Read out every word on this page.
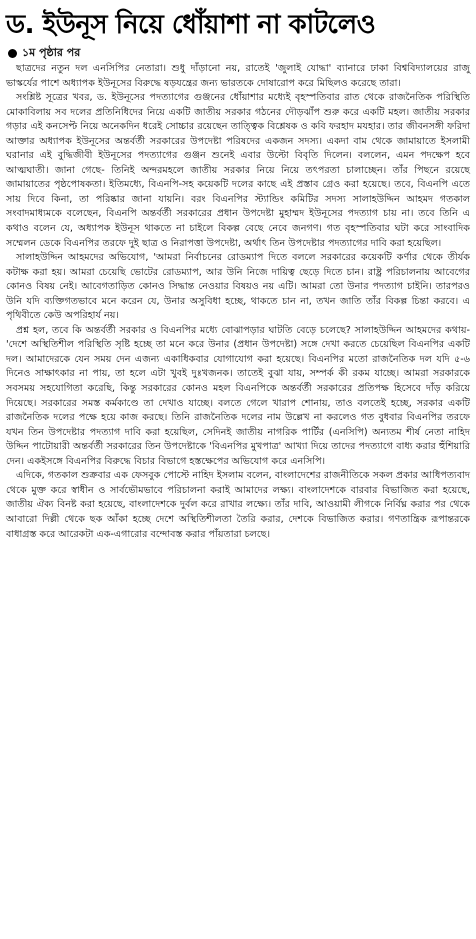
ড. ইউনূস নিয়ে ধোঁয়াশা না কাটলেও
১ম পৃষ্ঠার পর

ছাত্রদের নতুন দল এনসিপির নেতারা। শুধু দাঁড়ানো নয়, রাতেই 'জুলাই যোদ্ধা' ব্যানারে ঢাকা বিশ্ববিদ্যালয়ের রাজু ভাস্কর্যের পাশে অধ্যাপক ইউনূসের বিরুদ্ধে ষড়যন্ত্রের জন্য ভারতকে দোষারোপ করে মিছিলও করেছে তারা।

সংশ্লিষ্ট সূত্রের খবর, ড. ইউনূসের পদত্যাগের গুঞ্জনের ধোঁয়াশার মধ্যেই বৃহস্পতিবার রাত থেকে রাজনৈতিক পরিস্থিতি মোকাবিলায় সব দলের প্রতিনিধিদের নিয়ে একটি জাতীয় সরকার গঠনের দৌড়ঝাঁপ শুরু করে একটি মহল। জাতীয় সরকার গড়ার এই কনসেপ্ট নিয়ে অনেকদিন ধরেই সোচ্চার রয়েছেন তাত্ত্বিক বিশ্লেষক ও কবি ফরহাদ মযহার। তার জীবনসঙ্গী ফরিদা আক্তার অধ্যাপক ইউনূসের অন্তর্বর্তী সরকারের উপদেষ্টা পরিষদের একজন সদস্য। একদা বাম থেকে জামায়াতে ইসলামী ঘরানার এই বুদ্ধিজীবী ইউনূসের পদত্যাগের গুঞ্জন শুনেই এবার উল্টো বিবৃতি দিলেন। বললেন, এমন পদক্ষেপ হবে আত্মঘাতী। জানা গেছে- তিনিই অন্দরমহলে জাতীয় সরকার নিয়ে নিয়ে তৎপরতা চালাচ্ছেন। তাঁর পিছনে রয়েছে জামায়াতের পৃষ্ঠপোষকতা। ইতিমধ্যে, বিএনপি-সহ কয়েকটি দলের কাছে এই প্রস্তাব গ্রেও করা হয়েছে। তবে, বিএনপি এতে সায় দিবে কিনা, তা পরিষ্কার জানা যায়নি। বরং বিএনপির স্ট্যান্ডিং কমিটির সদস্য সালাহউদ্দিন আহমদ গতকাল সংবাদমাধ্যমকে বলেছেন, বিএনপি অন্তর্বর্তী সরকারের প্রধান উপদেষ্টা মুহাম্মদ ইউনূসের পদত্যাগ চায় না। তবে তিনি এ কথাও বলেন যে, অধ্যাপক ইউনূস থাকতে না চাইলে বিকল্প বেছে নেবে জনগণ। গত বৃহস্পতিবার ঘটা করে সাংবাদিক সম্মেলন ডেকে বিএনপির তরফে দুই ছাত্র ও নিরাপত্তা উপদেষ্টা, অর্থাৎ তিন উপদেষ্টার পদত্যাগের দাবি করা হয়েছিল।

সালাহউদ্দিন আহমদের অভিযোগ, 'আমরা নির্বাচনের রোডম্যাপ দিতে বললে সরকারের কয়েকটি কর্ণার থেকে তীর্যক কটাক্ষ করা হয়। আমরা চেয়েছি ভোটের রোডম্যাপ, আর উনি নিজে দায়িত্ব ছেড়ে দিতে চান। রাষ্ট্র পরিচালনায় আবেগের কোনও বিষয় নেই। আবেগতাড়িত কোনও সিদ্ধান্ত নেওয়ার বিষয়ও নয় এটি। আমরা তো উনার পদত্যাগ চাইনি। তারপরও উনি যদি ব্যক্তিগতভাবে মনে করেন যে, উনার অসুবিধা হচ্ছে, থাকতে চান না, তখন জাতি তাঁর বিকল্প চিন্তা করবে। এ পৃথিবীতে কেউ অপরিহার্য নয়।

প্রশ্ন হল, তবে কি অন্তর্বর্তী সরকার ও বিএনপির মধ্যে বোঝাপড়ার ঘাটতি বেড়ে চলেছে? সালাহউদ্দিন আহমদের কথায়- 'দেশে অস্থিতিশীল পরিস্থিতি সৃষ্টি হচ্ছে তা মনে করে উনার (প্রধান উপদেষ্টা) সঙ্গে দেখা করতে চেয়েছিল বিএনপির একটি দল। আমাদেরকে যেন সময় দেন এজন্য একাধিকবার যোগাযোগ করা হয়েছে। বিএনপির মতো রাজনৈতিক দল যদি ৫-৬ দিনেও সাক্ষাৎকার না পায়, তা হলে এটা খুবই দুঃখজনক। তাতেই বুঝা যায়, সম্পর্ক কী রকম যাচ্ছে। আমরা সরকারকে সবসময় সহযোগিতা করেছি, কিন্তু সরকারের কোনও মহল বিএনপিকে অন্তর্বর্তী সরকারের প্রতিপক্ষ হিসেবে দাঁড় করিয়ে দিয়েছে। সরকারের সমস্ত কর্মকাণ্ডে তা দেখাও যাচ্ছে। বলতে গেলে খারাপ শোনায়, তাও বলতেই হচ্ছে, সরকার একটি রাজনৈতিক দলের পক্ষে হয়ে কাজ করছে। তিনি রাজনৈতিক দলের নাম উল্লেখ না করলেও গত বুধবার বিএনপির তরফে যখন তিন উপদেষ্টার পদত্যাগ দাবি করা হয়েছিল, সেদিনই জাতীয় নাগরিক পার্টির (এনসিপি) অন্যতম শীর্ষ নেতা নাহিদ উদ্দিন পাটোয়ারী অন্তর্বর্তী সরকারের তিন উপদেষ্টাকে 'বিএনপির মুখপাত্র' আখ্যা দিয়ে তাদের পদত্যাগে বাধ্য করার হুঁশিয়ারি দেন। একইসঙ্গে বিএনপির বিরুদ্ধে বিচার বিভাগে হস্তক্ষেপের অভিযোগ করে এনসিপি।

এদিকে, গতকাল শুক্রবার এক ফেসবুক পোস্টে নাহিদ ইসলাম বলেন, বাংলাদেশের রাজনীতিকে সকল প্রকার আধিপত্যবাদ থেকে মুক্ত করে স্বাধীন ও সার্বভৌমভাবে পরিচালনা করাই আমাদের লক্ষ্য। বাংলাদেশকে বারবার বিভাজিত করা হয়েছে, জাতীয় ঐক্য বিনষ্ট করা হয়েছে, বাংলাদেশকে দুর্বল করে রাখার লক্ষ্যে। তাঁর দাবি, আওয়ামী লীগকে নির্বিঘ্ন করার পর থেকে আবারো দিল্লী থেকে ছক আঁকা হচ্ছে দেশে অস্থিতিশীলতা তৈরি করার, দেশকে বিভাজিত করার। গণতান্ত্রিক রূপান্তরকে বাধাগ্রস্ত করে আরেকটা এক-এগারোর বন্দোবস্ত করার পাঁয়তারা চলছে।
